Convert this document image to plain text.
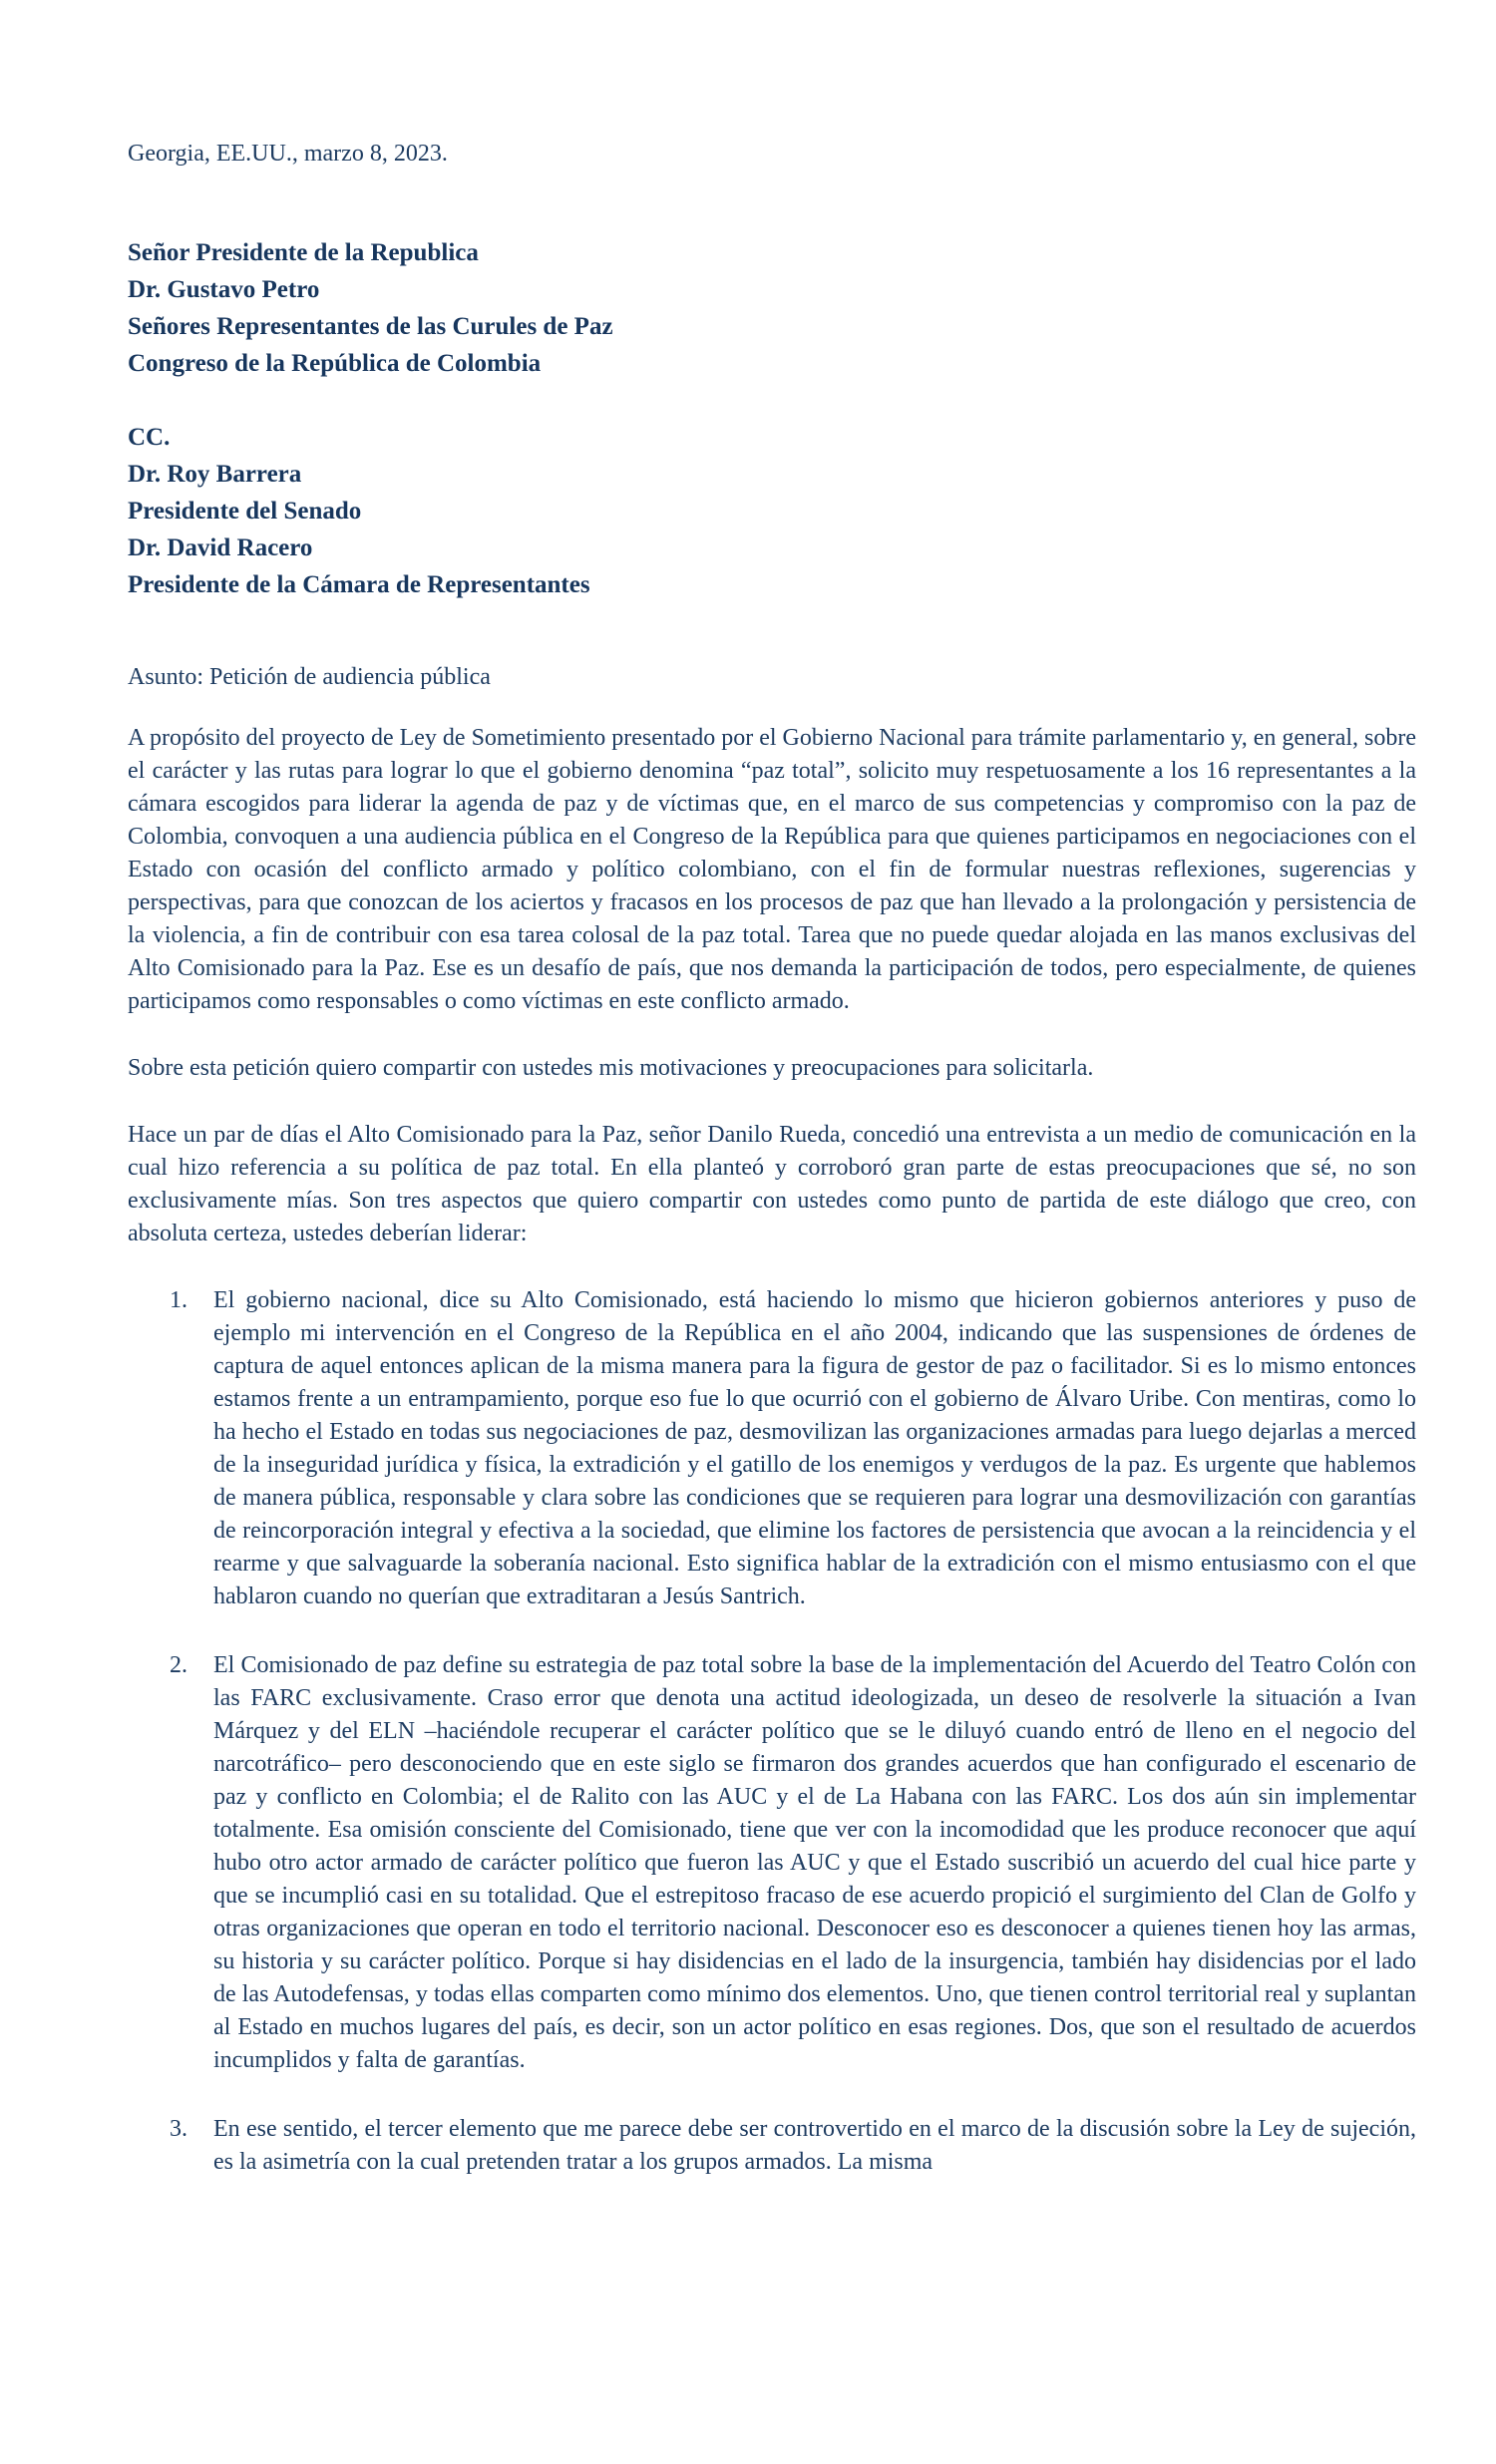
Georgia, EE.UU., marzo 8, 2023.

Señor Presidente de la Republica

Dr. Gustavo Petro

Señores Representantes de las Curules de Paz

Congreso de la República de Colombia

CC.

Dr. Roy Barrera

Presidente del Senado

Dr. David Racero

Presidente de la Cámara de Representantes

Asunto: Petición de audiencia pública

A propósito del proyecto de Ley de Sometimiento presentado por el Gobierno Nacional para trámite parlamentario y, en general, sobre el carácter y las rutas para lograr lo que el gobierno denomina “paz total”, solicito muy respetuosamente a los 16 representantes a la cámara escogidos para liderar la agenda de paz y de víctimas que, en el marco de sus competencias y compromiso con la paz de Colombia, convoquen a una audiencia pública en el Congreso de la República para que quienes participamos en negociaciones con el Estado con ocasión del conflicto armado y político colombiano, con el fin de formular nuestras reflexiones, sugerencias y perspectivas, para que conozcan de los aciertos y fracasos en los procesos de paz que han llevado a la prolongación y persistencia de la violencia, a fin de contribuir con esa tarea colosal de la paz total. Tarea que no puede quedar alojada en las manos exclusivas del Alto Comisionado para la Paz. Ese es un desafío de país, que nos demanda la participación de todos, pero especialmente, de quienes participamos como responsables o como víctimas en este conflicto armado.

Sobre esta petición quiero compartir con ustedes mis motivaciones y preocupaciones para solicitarla.

Hace un par de días el Alto Comisionado para la Paz, señor Danilo Rueda, concedió una entrevista a un medio de comunicación en la cual hizo referencia a su política de paz total. En ella planteó y corroboró gran parte de estas preocupaciones que sé, no son exclusivamente mías. Son tres aspectos que quiero compartir con ustedes como punto de partida de este diálogo que creo, con absoluta certeza, ustedes deberían liderar:

1. El gobierno nacional, dice su Alto Comisionado, está haciendo lo mismo que hicieron gobiernos anteriores y puso de ejemplo mi intervención en el Congreso de la República en el año 2004, indicando que las suspensiones de órdenes de captura de aquel entonces aplican de la misma manera para la figura de gestor de paz o facilitador. Si es lo mismo entonces estamos frente a un entrampamiento, porque eso fue lo que ocurrió con el gobierno de Álvaro Uribe. Con mentiras, como lo ha hecho el Estado en todas sus negociaciones de paz, desmovilizan las organizaciones armadas para luego dejarlas a merced de la inseguridad jurídica y física, la extradición y el gatillo de los enemigos y verdugos de la paz. Es urgente que hablemos de manera pública, responsable y clara sobre las condiciones que se requieren para lograr una desmovilización con garantías de reincorporación integral y efectiva a la sociedad, que elimine los factores de persistencia que avocan a la reincidencia y el rearme y que salvaguarde la soberanía nacional. Esto significa hablar de la extradición con el mismo entusiasmo con el que hablaron cuando no querían que extraditaran a Jesús Santrich.
2. El Comisionado de paz define su estrategia de paz total sobre la base de la implementación del Acuerdo del Teatro Colón con las FARC exclusivamente. Craso error que denota una actitud ideologizada, un deseo de resolverle la situación a Ivan Márquez y del ELN –haciéndole recuperar el carácter político que se le diluyó cuando entró de lleno en el negocio del narcotráfico– pero desconociendo que en este siglo se firmaron dos grandes acuerdos que han configurado el escenario de paz y conflicto en Colombia; el de Ralito con las AUC y el de La Habana con las FARC. Los dos aún sin implementar totalmente. Esa omisión consciente del Comisionado, tiene que ver con la incomodidad que les produce reconocer que aquí hubo otro actor armado de carácter político que fueron las AUC y que el Estado suscribió un acuerdo del cual hice parte y que se incumplió casi en su totalidad. Que el estrepitoso fracaso de ese acuerdo propició el surgimiento del Clan de Golfo y otras organizaciones que operan en todo el territorio nacional. Desconocer eso es desconocer a quienes tienen hoy las armas, su historia y su carácter político. Porque si hay disidencias en el lado de la insurgencia, también hay disidencias por el lado de las Autodefensas, y todas ellas comparten como mínimo dos elementos. Uno, que tienen control territorial real y suplantan al Estado en muchos lugares del país, es decir, son un actor político en esas regiones. Dos, que son el resultado de acuerdos incumplidos y falta de garantías.
3. En ese sentido, el tercer elemento que me parece debe ser controvertido en el marco de la discusión sobre la Ley de sujeción, es la asimetría con la cual pretenden tratar a los grupos armados. La misma
